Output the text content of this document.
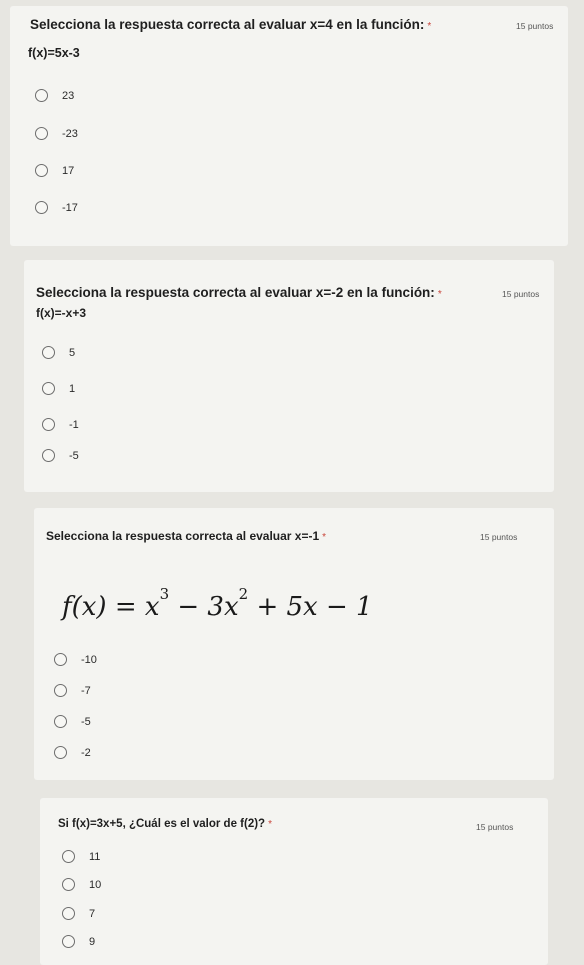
Selecciona la respuesta correcta al evaluar x=4 en la función: *	15 puntos
f(x)=5x-3
23
-23
17
-17
Selecciona la respuesta correcta al evaluar x=-2 en la función: *	15 puntos
f(x)=-x+3
5
1
-1
-5
Selecciona la respuesta correcta al evaluar x=-1 *	15 puntos
-10
-7
-5
-2
$f(x) = x^3 - 3x^2 + 5x - 1$
Si f(x)=3x+5, ¿Cuál es el valor de f(2)? *	15 puntos
11
10
7
9
